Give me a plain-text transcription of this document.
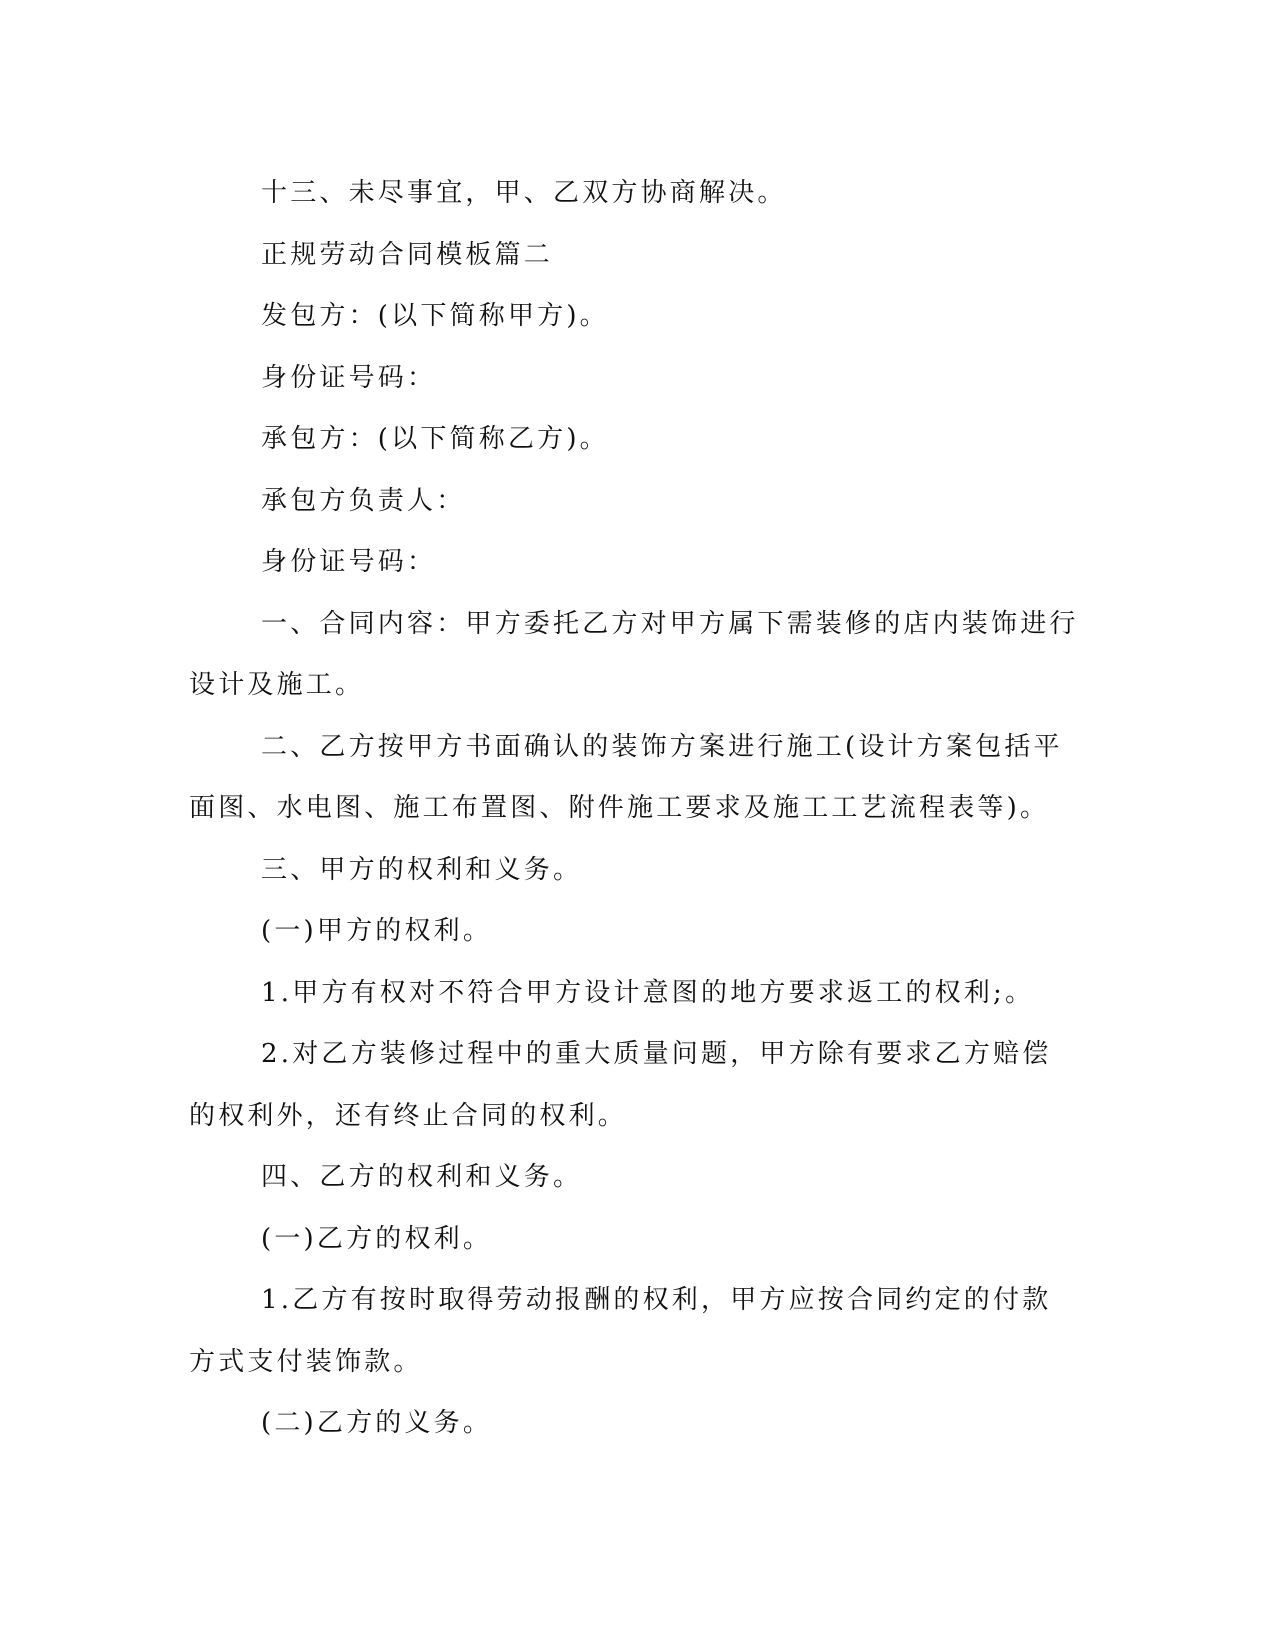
十三、未尽事宜，甲、乙双方协商解决。

正规劳动合同模板篇二

发包方：(以下简称甲方)。

身份证号码：

承包方：(以下简称乙方)。

承包方负责人：

身份证号码：

一、合同内容：甲方委托乙方对甲方属下需装修的店内装饰进行设计及施工。

二、乙方按甲方书面确认的装饰方案进行施工(设计方案包括平面图、水电图、施工布置图、附件施工要求及施工工艺流程表等)。

三、甲方的权利和义务。

(一)甲方的权利。

1.甲方有权对不符合甲方设计意图的地方要求返工的权利;。

2.对乙方装修过程中的重大质量问题，甲方除有要求乙方赔偿的权利外，还有终止合同的权利。

四、乙方的权利和义务。

(一)乙方的权利。

1.乙方有按时取得劳动报酬的权利，甲方应按合同约定的付款方式支付装饰款。

(二)乙方的义务。
